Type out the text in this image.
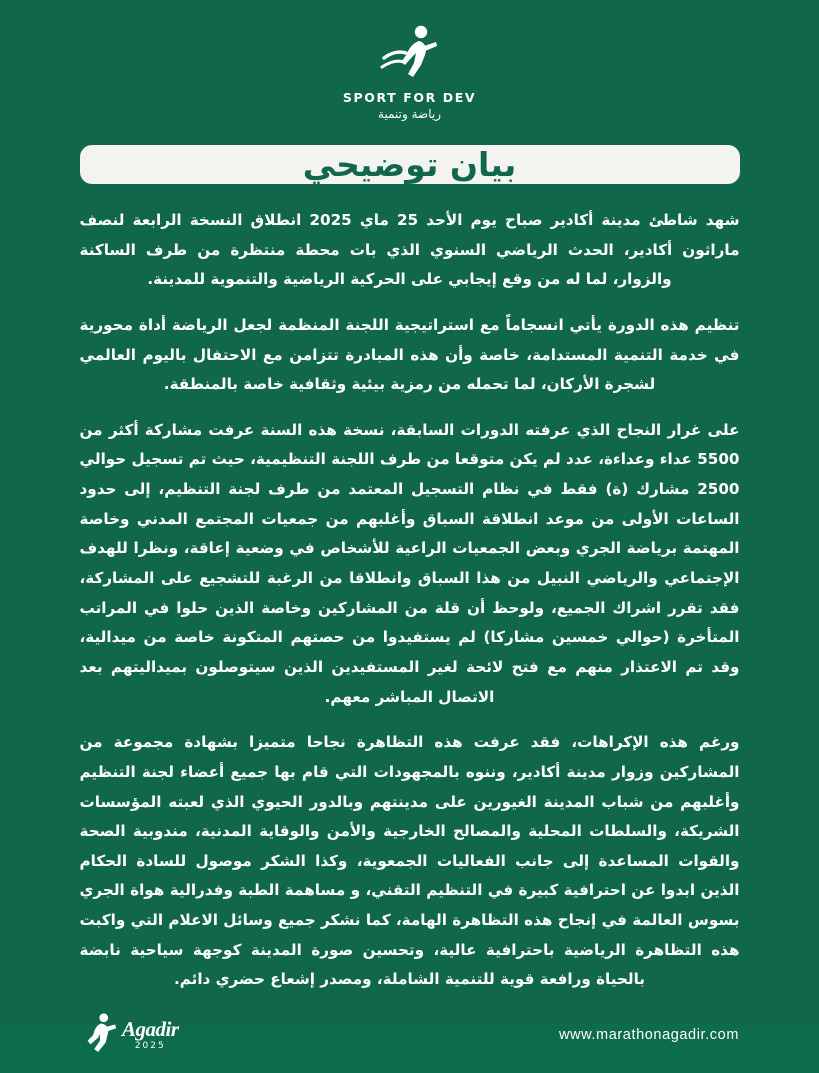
SPORT FOR DEV
رياضة وتنمية
بيان توضيحي

شهد شاطئ مدينة أكادير صباح يوم الأحد 25 ماي 2025 انطلاق النسخة الرابعة لنصف ماراثون أكادير، الحدث الرياضي السنوي الذي بات محطة منتظرة من طرف الساكنة والزوار، لما له من وقع إيجابي على الحركية الرياضية والتنموية للمدينة.

تنظيم هذه الدورة يأتي انسجاماً مع استراتيجية اللجنة المنظمة لجعل الرياضة أداة محورية في خدمة التنمية المستدامة، خاصة وأن هذه المبادرة تتزامن مع الاحتفال باليوم العالمي لشجرة الأركان، لما تحمله من رمزية بيئية وثقافية خاصة بالمنطقة.

على غرار النجاح الذي عرفته الدورات السابقة، نسخة هذه السنة عرفت مشاركة أكثر من 5500 عداء وعداءة، عدد لم يكن متوقعا من طرف اللجنة التنظيمية، حيث تم تسجيل حوالي 2500 مشارك (ة) فقط في نظام التسجيل المعتمد من طرف لجنة التنظيم، إلى حدود الساعات الأولى من موعد انطلاقة السباق وأغلبهم من جمعيات المجتمع المدني وخاصة المهتمة برياضة الجري وبعض الجمعيات الراعية للأشخاص في وضعية إعاقة، ونظرا للهدف الإجتماعي والرياضي النبيل من هذا السباق وانطلاقا من الرغبة للتشجيع على المشاركة، فقد تقرر اشراك الجميع، ولوحظ أن قلة من المشاركين وخاصة الذين حلوا في المراتب المتأخرة (حوالي خمسين مشاركا) لم يستفيدوا من حصتهم المتكونة خاصة من ميدالية، وقد تم الاعتذار منهم مع فتح لائحة لغير المستفيدين الذين سيتوصلون بميداليتهم بعد الاتصال المباشر معهم.

ورغم هذه الإكراهات، فقد عرفت هذه التظاهرة نجاحا متميزا بشهادة مجموعة من المشاركين وزوار مدينة أكادير، وننوه بالمجهودات التي قام بها جميع أعضاء لجنة التنظيم وأغلبهم من شباب المدينة الغيورين على مدينتهم وبالدور الحيوي الذي لعبته المؤسسات الشريكة، والسلطات المحلية والمصالح الخارجية والأمن والوقاية المدنية، مندوبية الصحة والقوات المساعدة إلى جانب الفعاليات الجمعوية، وكذا الشكر موصول للسادة الحكام الذين ابدوا عن احترافية كبيرة في التنظيم التقني، و مساهمة الطبة وفدرالية هواة الجري بسوس العالمة في إنجاح هذه التظاهرة الهامة، كما نشكر جميع وسائل الاعلام التي واكبت هذه التظاهرة الرياضية باحترافية عالية، وتحسين صورة المدينة كوجهة سياحية نابضة بالحياة ورافعة قوية للتنمية الشاملة، ومصدر إشعاع حضري دائم.

www.marathonagadir.com
Agadir
2025
